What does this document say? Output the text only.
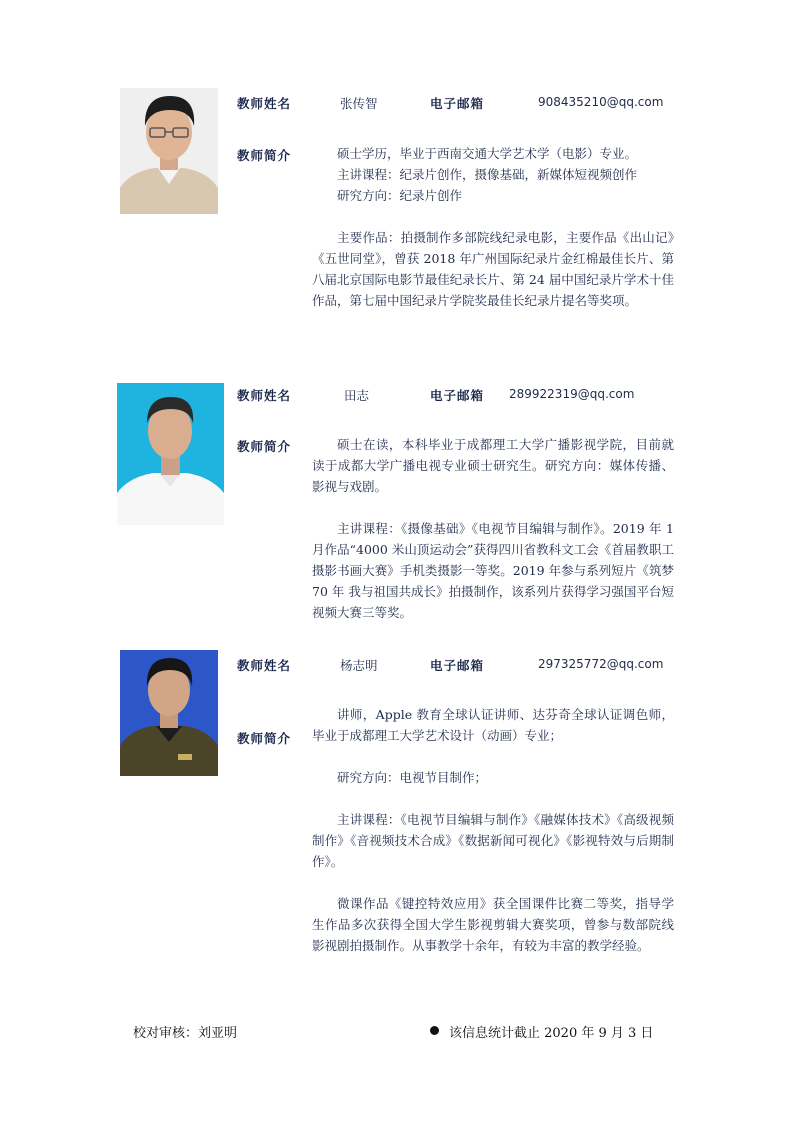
教师姓名	张传智	电子邮箱	908435210@qq.com
教师简介	硕士学历，毕业于西南交通大学艺术学（电影）专业。

主讲课程：纪录片创作，摄像基础，新媒体短视频创作

研究方向：纪录片创作

主要作品：拍摄制作多部院线纪录电影，主要作品《出山记》《五世同堂》，曾获 2018 年广州国际纪录片金红棉最佳长片、第八届北京国际电影节最佳纪录长片、第 24 届中国纪录片学术十佳作品，第七届中国纪录片学院奖最佳长纪录片提名等奖项。

教师姓名	田志	电子邮箱 289922319@qq.com
教师简介	硕士在读，本科毕业于成都理工大学广播影视学院，目前就读于成都大学广播电视专业硕士研究生。研究方向：媒体传播、影视与戏剧。

主讲课程：《摄像基础》《电视节目编辑与制作》。2019 年 1 月作品“4000 米山顶运动会”获得四川省教科文工会《首届教职工摄影书画大赛》手机类摄影一等奖。2019 年参与系列短片《筑梦 70 年 我与祖国共成长》拍摄制作，该系列片获得学习强国平台短视频大赛三等奖。

教师姓名	杨志明	电子邮箱	297325772@qq.com
教师简介

讲师，Apple 教育全球认证讲师、达芬奇全球认证调色师，毕业于成都理工大学艺术设计（动画）专业；

研究方向：电视节目制作；

主讲课程：《电视节目编辑与制作》《融媒体技术》《高级视频制作》《音视频技术合成》《数据新闻可视化》《影视特效与后期制作》。

微课作品《键控特效应用》获全国课件比赛二等奖，指导学生作品多次获得全国大学生影视剪辑大赛奖项，曾参与数部院线影视剧拍摄制作。从事教学十余年，有较为丰富的教学经验。

校对审核：刘亚明	该信息统计截止 2020 年 9 月 3 日
